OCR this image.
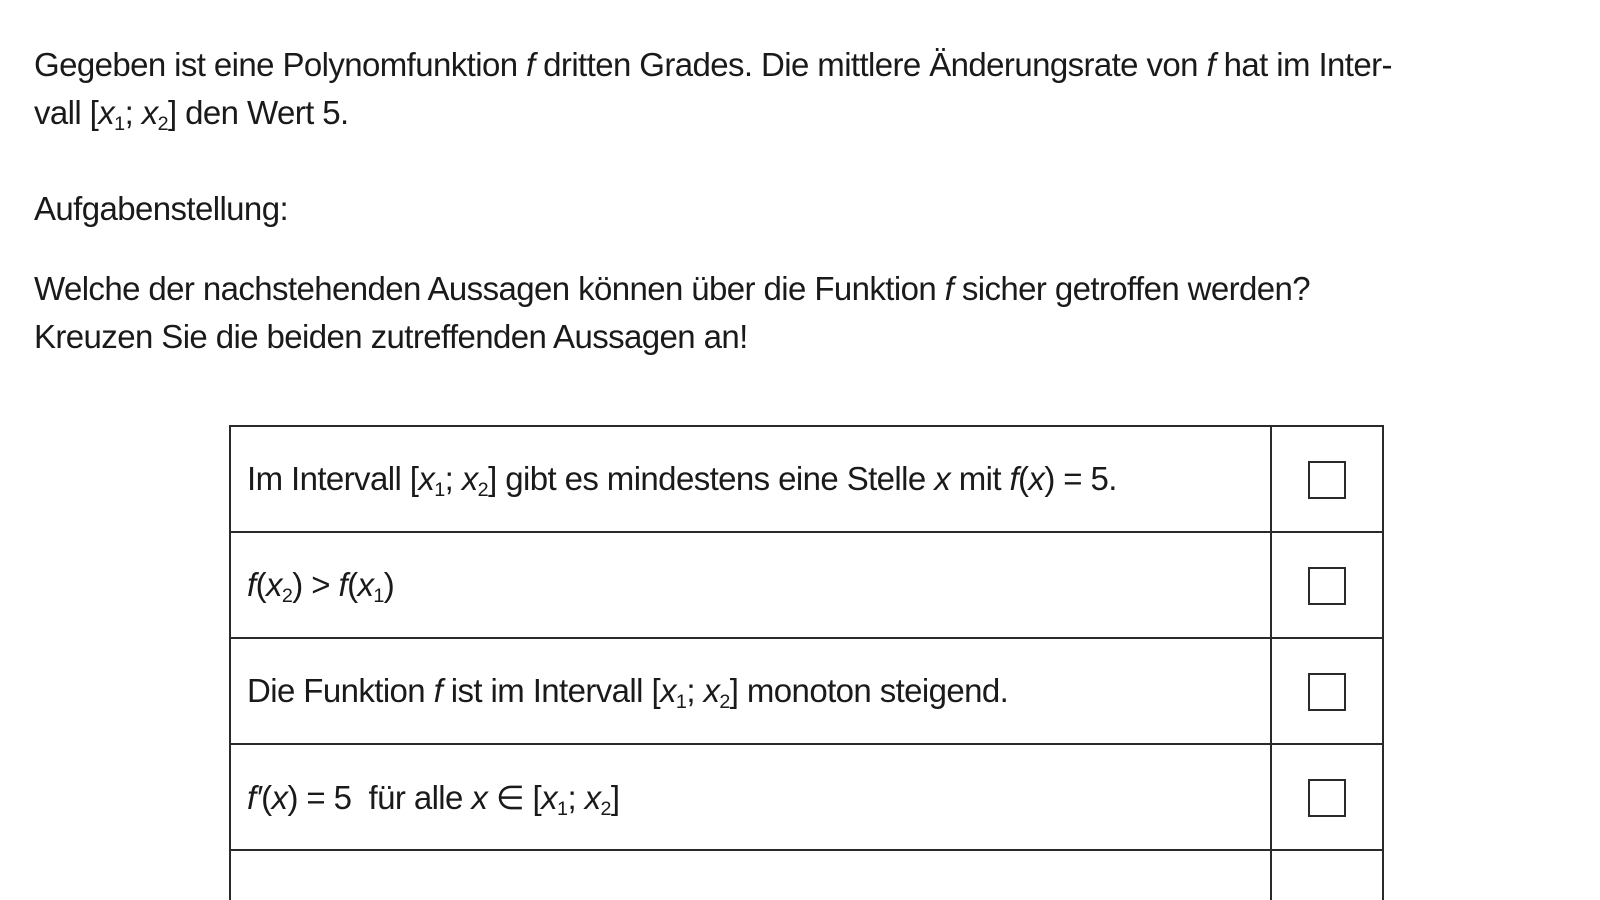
Gegeben ist eine Polynomfunktion f dritten Grades. Die mittlere Änderungsrate von f hat im Inter-
vall [$x_1$; $x_2$] den Wert 5.
Aufgabenstellung:
Welche der nachstehenden Aussagen können über die Funktion f sicher getroffen werden?
Kreuzen Sie die beiden zutreffenden Aussagen an!
Im Intervall [$x_1$; $x_2$] gibt es mindestens eine Stelle x mit f(x) = 5.	
$f(x_2) > f(x_1)$	
Die Funktion f ist im Intervall [$x_1$; $x_2$] monoton steigend.	
f′(x) = 5  für alle x ∈ [$x_1$; $x_2$]	
